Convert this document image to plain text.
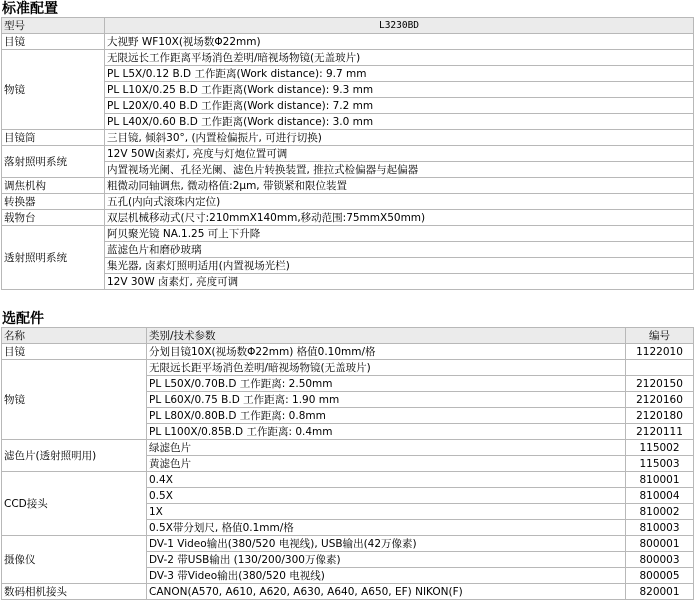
标准配置
型号	L3230BD
目镜	大视野 WF10X(视场数Φ22mm)
物镜	无限远长工作距离平场消色差明/暗视场物镜(无盖玻片)
	PL L5X/0.12 B.D 工作距离(Work distance): 9.7 mm
	PL L10X/0.25 B.D 工作距离(Work distance): 9.3 mm
	PL L20X/0.40 B.D 工作距离(Work distance): 7.2 mm
	PL L40X/0.60 B.D 工作距离(Work distance): 3.0 mm
目镜筒	三目镜, 倾斜30°, (内置检偏振片, 可进行切换)
落射照明系统	12V 50W卤素灯, 亮度与灯炮位置可调
	内置视场光阑、孔径光阑、滤色片转换装置, 推拉式检偏器与起偏器
调焦机构	粗微动同轴调焦, 微动格值:2μm, 带锁紧和限位装置
转换器	五孔(内向式滚珠内定位)
载物台	双层机械移动式(尺寸:210mmX140mm,移动范围:75mmX50mm)
透射照明系统	阿贝聚光镜 NA.1.25 可上下升降
	蓝滤色片和磨砂玻璃
	集光器, 卤素灯照明适用(内置视场光栏)
	12V 30W 卤素灯, 亮度可调
选配件
名称	类别/技术参数	编号
目镜	分划目镜10X(视场数Φ22mm) 格值0.10mm/格	1122010
物镜	无限远长距平场消色差明/暗视场物镜(无盖玻片)	
	PL L50X/0.70B.D 工作距离: 2.50mm	2120150
	PL L60X/0.75 B.D 工作距离: 1.90 mm	2120160
	PL L80X/0.80B.D 工作距离: 0.8mm	2120180
	PL L100X/0.85B.D 工作距离: 0.4mm	2120111
滤色片(透射照明用)	绿滤色片	115002
	黄滤色片	115003
CCD接头	0.4X	810001
	0.5X	810004
	1X	810002
	0.5X带分划尺, 格值0.1mm/格	810003
摄像仪	DV-1 Video输出(380/520 电视线), USB输出(42万像素)	800001
	DV-2 带USB输出 (130/200/300万像素)	800003
	DV-3 带Video输出(380/520 电视线)	800005
数码相机接头	CANON(A570, A610, A620, A630, A640, A650, EF) NIKON(F)	820001
